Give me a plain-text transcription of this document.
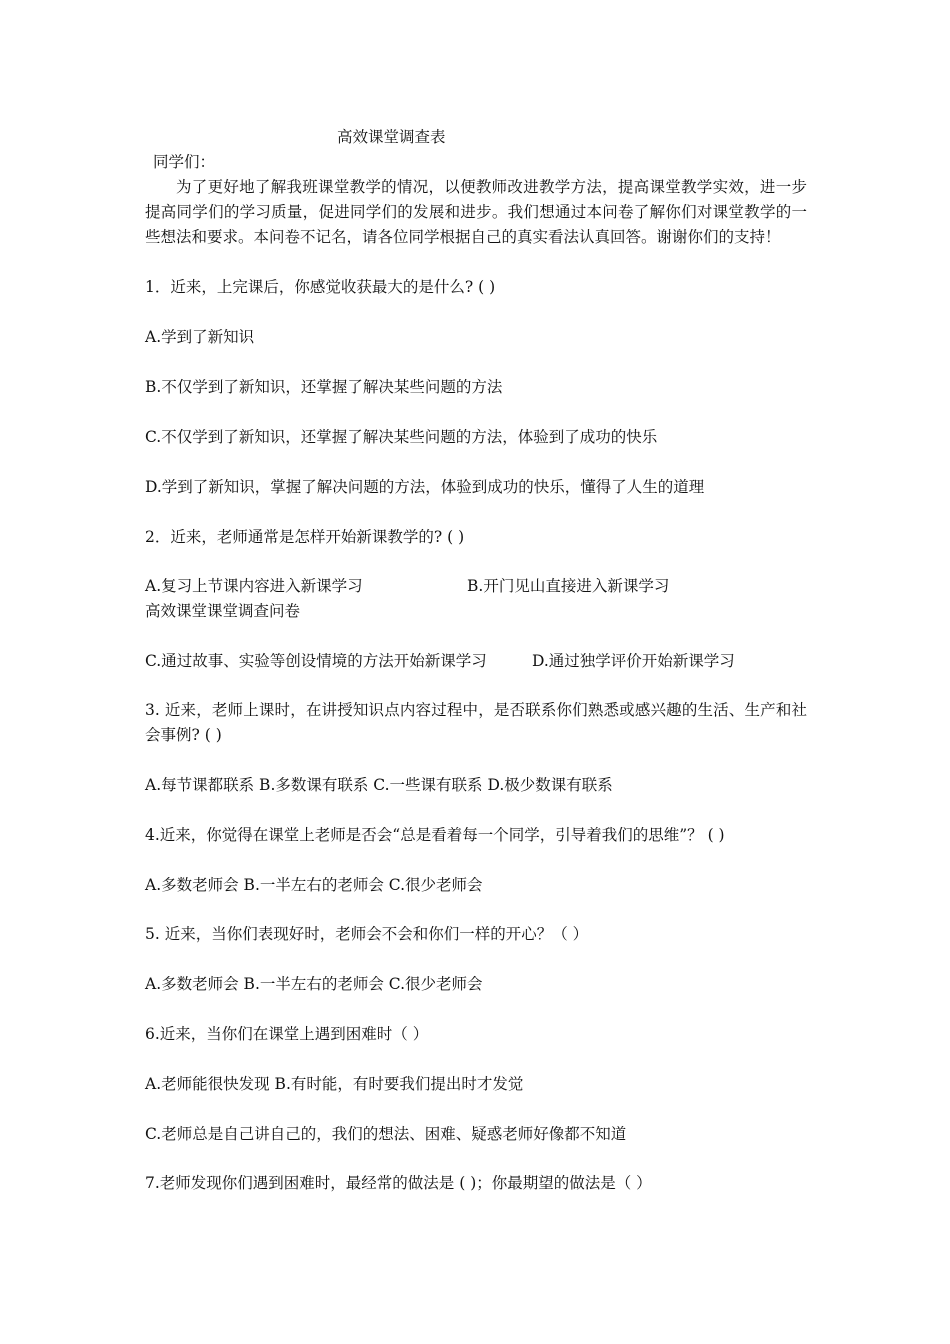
高效课堂调查表
同学们：
为了更好地了解我班课堂教学的情况，以便教师改进教学方法，提高课堂教学实效，进一步提高同学们的学习质量，促进同学们的发展和进步。我们想通过本问卷了解你们对课堂教学的一些想法和要求。本问卷不记名，请各位同学根据自己的真实看法认真回答。谢谢你们的支持！
1．近来，上完课后，你感觉收获最大的是什么? ( )
A.学到了新知识
B.不仅学到了新知识，还掌握了解决某些问题的方法
C.不仅学到了新知识，还掌握了解决某些问题的方法，体验到了成功的快乐
D.学到了新知识，掌握了解决问题的方法，体验到成功的快乐，懂得了人生的道理
2．近来，老师通常是怎样开始新课教学的? ( )
A.复习上节课内容进入新课学习	B.开门见山直接进入新课学习
高效课堂课堂调查问卷
C.通过故事、实验等创设情境的方法开始新课学习	D.通过独学评价开始新课学习
3. 近来，老师上课时，在讲授知识点内容过程中，是否联系你们熟悉或感兴趣的生活、生产和社会事例? ( )
A.每节课都联系 B.多数课有联系 C.一些课有联系 D.极少数课有联系
4.近来，你觉得在课堂上老师是否会“总是看着每一个同学，引导着我们的思维”？ ( )
A.多数老师会 B.一半左右的老师会 C.很少老师会
5. 近来，当你们表现好时，老师会不会和你们一样的开心？（ ）
A.多数老师会 B.一半左右的老师会 C.很少老师会
6.近来，当你们在课堂上遇到困难时（ ）
A.老师能很快发现 B.有时能，有时要我们提出时才发觉
C.老师总是自己讲自己的，我们的想法、困难、疑惑老师好像都不知道
7.老师发现你们遇到困难时，最经常的做法是 ( )；你最期望的做法是（ ）
